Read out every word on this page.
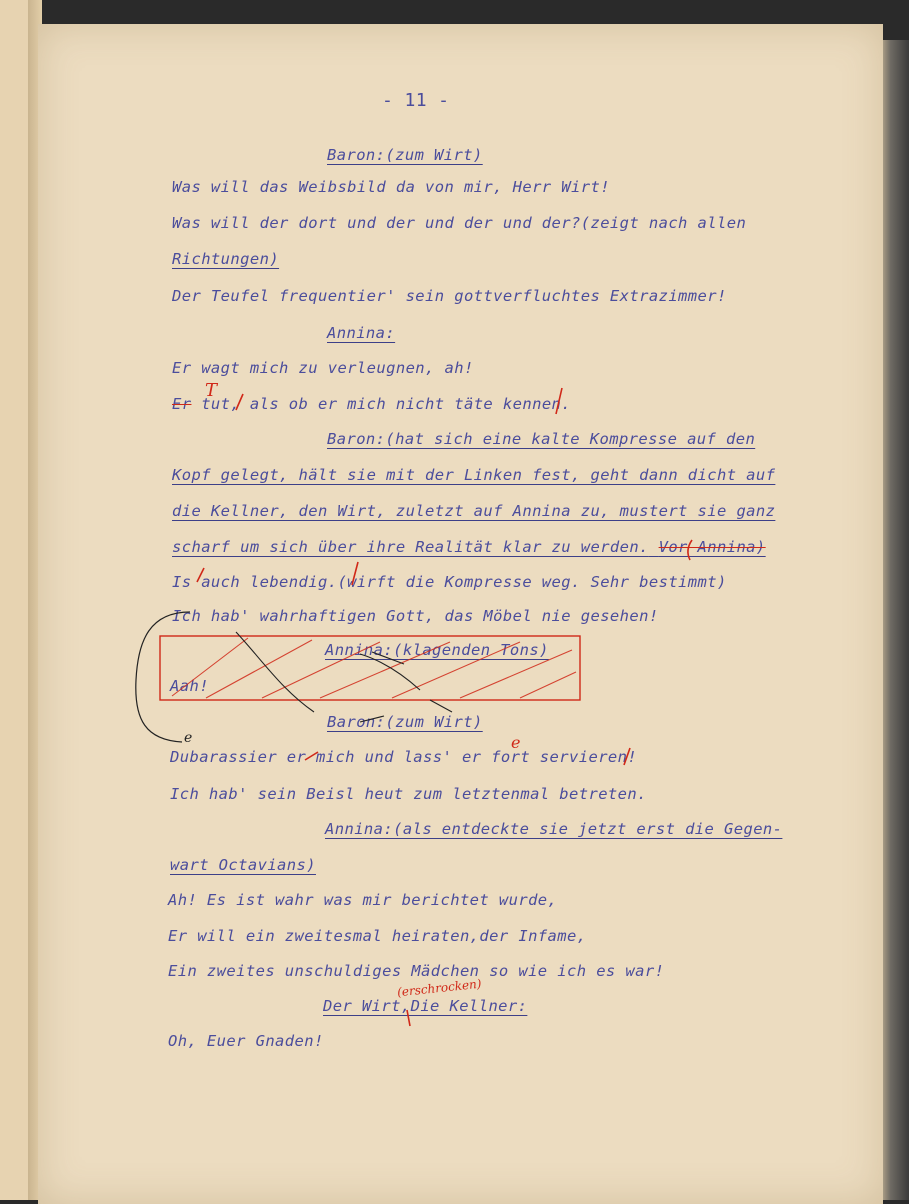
- 11 -
Baron:(zum Wirt)
Was will das Weibsbild da von mir, Herr Wirt!
Was will der dort und der und der und der?(zeigt nach allen
Richtungen)
Der Teufel frequentier' sein gottverfluchtes Extrazimmer!
Annina:
Er wagt mich zu verleugnen, ah!
Er tut, als ob er mich nicht täte kennen.
Baron:(hat sich eine kalte Kompresse auf den
Kopf gelegt, hält sie mit der Linken fest, geht dann dicht auf
die Kellner, den Wirt, zuletzt auf Annina zu, mustert sie ganz
scharf um sich über ihre Realität klar zu werden. Vor Annina)
Is auch lebendig.(wirft die Kompresse weg. Sehr bestimmt)
Ich hab' wahrhaftigen Gott, das Möbel nie gesehen!
Annina:(klagenden Tons)
Aah!
Baron:(zum Wirt)
Dubarassier er mich und lass' er fort servieren!
Ich hab' sein Beisl heut zum letztenmal betreten.
Annina:(als entdeckte sie jetzt erst die Gegen-
wart Octavians)
Ah! Es ist wahr was mir berichtet wurde,
Er will ein zweitesmal heiraten,der Infame,
Ein zweites unschuldiges Mädchen so wie ich es war!
Der Wirt,Die Kellner:
Oh, Euer Gnaden!
T
e	e
(erschrocken)
